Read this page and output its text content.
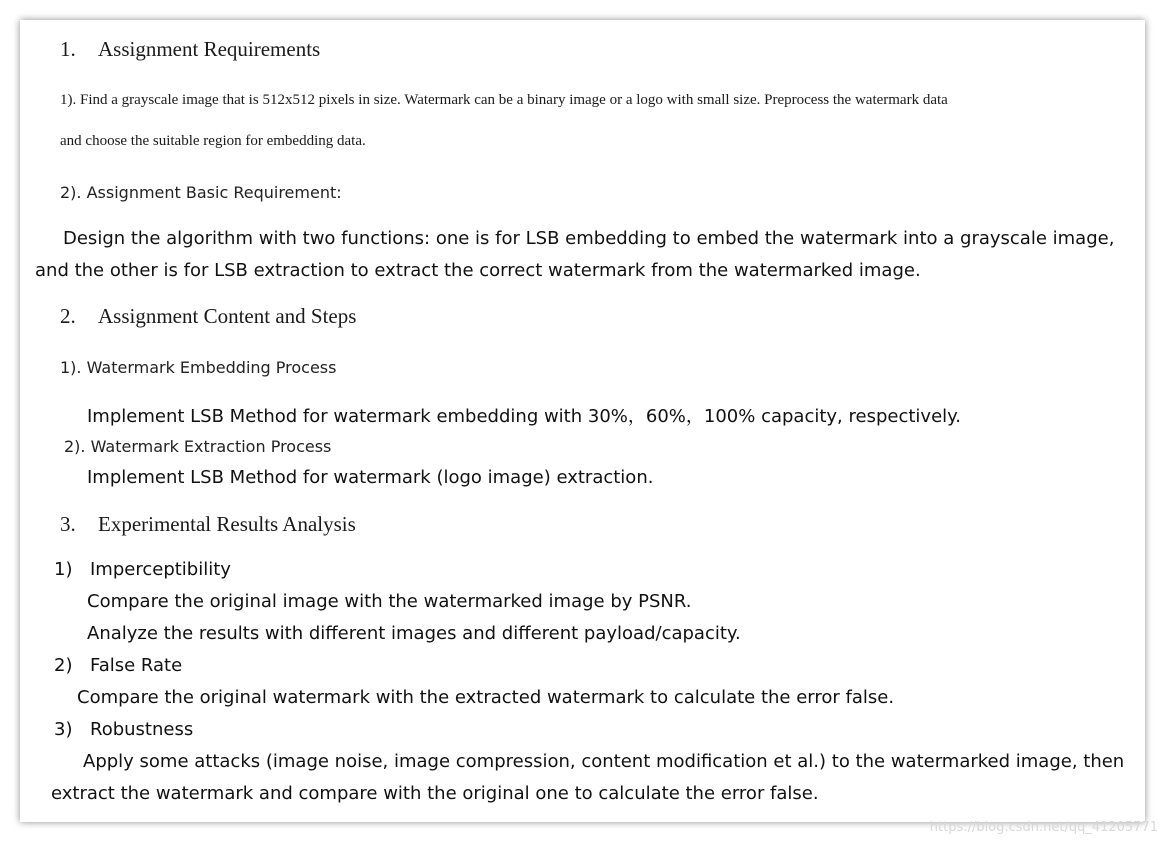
1. Assignment Requirements
1). Find a grayscale image that is 512x512 pixels in size. Watermark can be a binary image or a logo with small size. Preprocess the watermark data
and choose the suitable region for embedding data.
2). Assignment Basic Requirement:
Design the algorithm with two functions: one is for LSB embedding to embed the watermark into a grayscale image,
and the other is for LSB extraction to extract the correct watermark from the watermarked image.
2. Assignment Content and Steps
1). Watermark Embedding Process
Implement LSB Method for watermark embedding with 30%，60%，100% capacity, respectively.
2). Watermark Extraction Process
Implement LSB Method for watermark (logo image) extraction.
3. Experimental Results Analysis
1) Imperceptibility
Compare the original image with the watermarked image by PSNR.
Analyze the results with different images and different payload/capacity.
2) False Rate
Compare the original watermark with the extracted watermark to calculate the error false.
3) Robustness
Apply some attacks (image noise, image compression, content modification et al.) to the watermarked image, then
extract the watermark and compare with the original one to calculate the error false.
https://blog.csdn.net/qq_41205771
